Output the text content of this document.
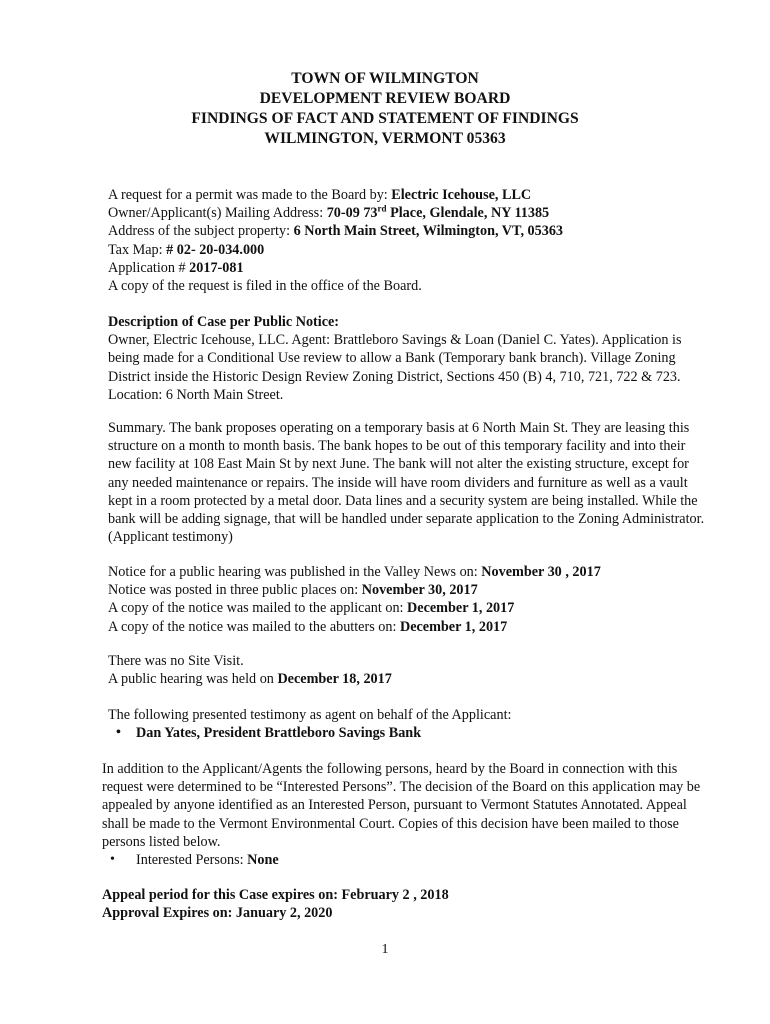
TOWN OF WILMINGTON
DEVELOPMENT REVIEW BOARD
FINDINGS OF FACT AND STATEMENT OF FINDINGS
WILMINGTON, VERMONT 05363

A request for a permit was made to the Board by: Electric Icehouse, LLC

Owner/Applicant(s) Mailing Address: 70-09 73rd Place, Glendale, NY 11385

Address of the subject property: 6 North Main Street, Wilmington, VT, 05363

Tax Map: # 02- 20-034.000

Application # 2017-081

A copy of the request is filed in the office of the Board.

Description of Case per Public Notice:

Owner, Electric Icehouse, LLC. Agent: Brattleboro Savings & Loan (Daniel C. Yates). Application is being made for a Conditional Use review to allow a Bank (Temporary bank branch). Village Zoning District inside the Historic Design Review Zoning District, Sections 450 (B) 4, 710, 721, 722 & 723. Location: 6 North Main Street.

Summary. The bank proposes operating on a temporary basis at 6 North Main St. They are leasing this structure on a month to month basis. The bank hopes to be out of this temporary facility and into their new facility at 108 East Main St by next June. The bank will not alter the existing structure, except for any needed maintenance or repairs. The inside will have room dividers and furniture as well as a vault kept in a room protected by a metal door. Data lines and a security system are being installed. While the bank will be adding signage, that will be handled under separate application to the Zoning Administrator. (Applicant testimony)

Notice for a public hearing was published in the Valley News on: November 30 , 2017

Notice was posted in three public places on: November 30, 2017

A copy of the notice was mailed to the applicant on: December 1, 2017

A copy of the notice was mailed to the abutters on: December 1, 2017

There was no Site Visit.

A public hearing was held on December 18, 2017

The following presented testimony as agent on behalf of the Applicant:

• Dan Yates, President Brattleboro Savings Bank

In addition to the Applicant/Agents the following persons, heard by the Board in connection with this request were determined to be “Interested Persons”. The decision of the Board on this application may be appealed by anyone identified as an Interested Person, pursuant to Vermont Statutes Annotated. Appeal shall be made to the Vermont Environmental Court. Copies of this decision have been mailed to those persons listed below.

• Interested Persons: None

Appeal period for this Case expires on: February 2 , 2018

Approval Expires on: January 2, 2020

1
